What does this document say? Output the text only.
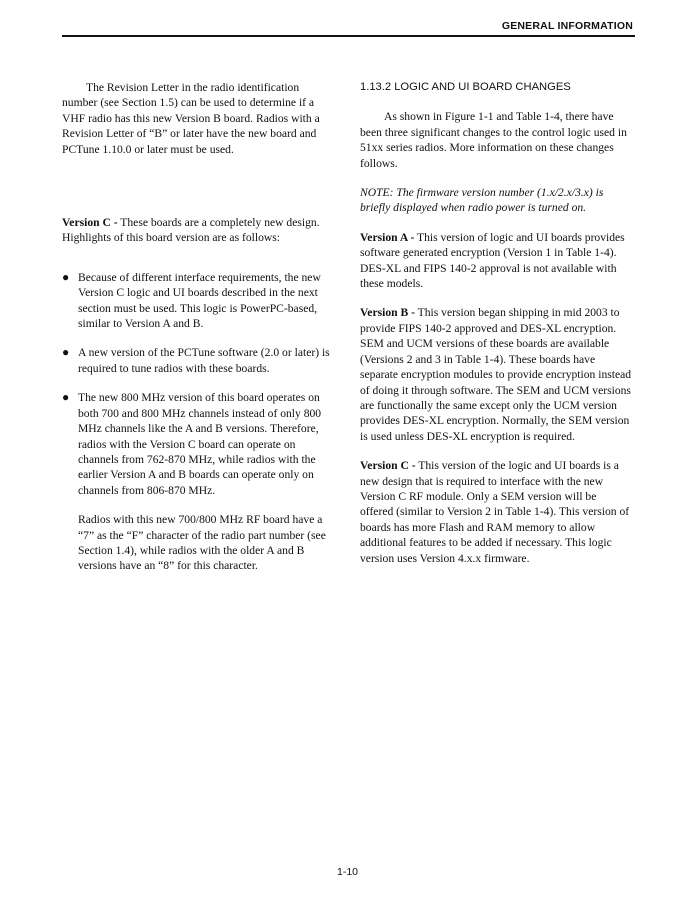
GENERAL INFORMATION

The Revision Letter in the radio identification number (see Section 1.5) can be used to determine if a VHF radio has this new Version B board. Radios with a Revision Letter of “B” or later have the new board and PCTune 1.10.0 or later must be used.

Version C - These boards are a completely new design. Highlights of this board version are as follows:

● Because of different interface requirements, the new Version C logic and UI boards described in the next section must be used. This logic is PowerPC-based, similar to Version A and B.
● A new version of the PCTune software (2.0 or later) is required to tune radios with these boards.
● The new 800 MHz version of this board operates on both 700 and 800 MHz channels instead of only 800 MHz channels like the A and B versions. Therefore, radios with the Version C board can operate on channels from 762-870 MHz, while radios with the earlier Version A and B boards can operate only on channels from 806-870 MHz.

Radios with this new 700/800 MHz RF board have a “7” as the “F” character of the radio part number (see Section 1.4), while radios with the older A and B versions have an “8” for this character.

1.13.2 LOGIC AND UI BOARD CHANGES

As shown in Figure 1-1 and Table 1-4, there have been three significant changes to the control logic used in 51xx series radios. More information on these changes follows.

NOTE: The firmware version number (1.x/2.x/3.x) is briefly displayed when radio power is turned on.

Version A - This version of logic and UI boards provides software generated encryption (Version 1 in Table 1-4). DES-XL and FIPS 140-2 approval is not available with these models.

Version B - This version began shipping in mid 2003 to provide FIPS 140-2 approved and DES-XL encryption. SEM and UCM versions of these boards are available (Versions 2 and 3 in Table 1-4). These boards have separate encryption modules to provide encryption instead of doing it through software. The SEM and UCM versions are functionally the same except only the UCM version provides DES-XL encryption. Normally, the SEM version is used unless DES-XL encryption is required.

Version C - This version of the logic and UI boards is a new design that is required to interface with the new Version C RF module. Only a SEM version will be offered (similar to Version 2 in Table 1-4). This version of boards has more Flash and RAM memory to allow additional features to be added if necessary. This logic version uses Version 4.x.x firmware.

1-10
